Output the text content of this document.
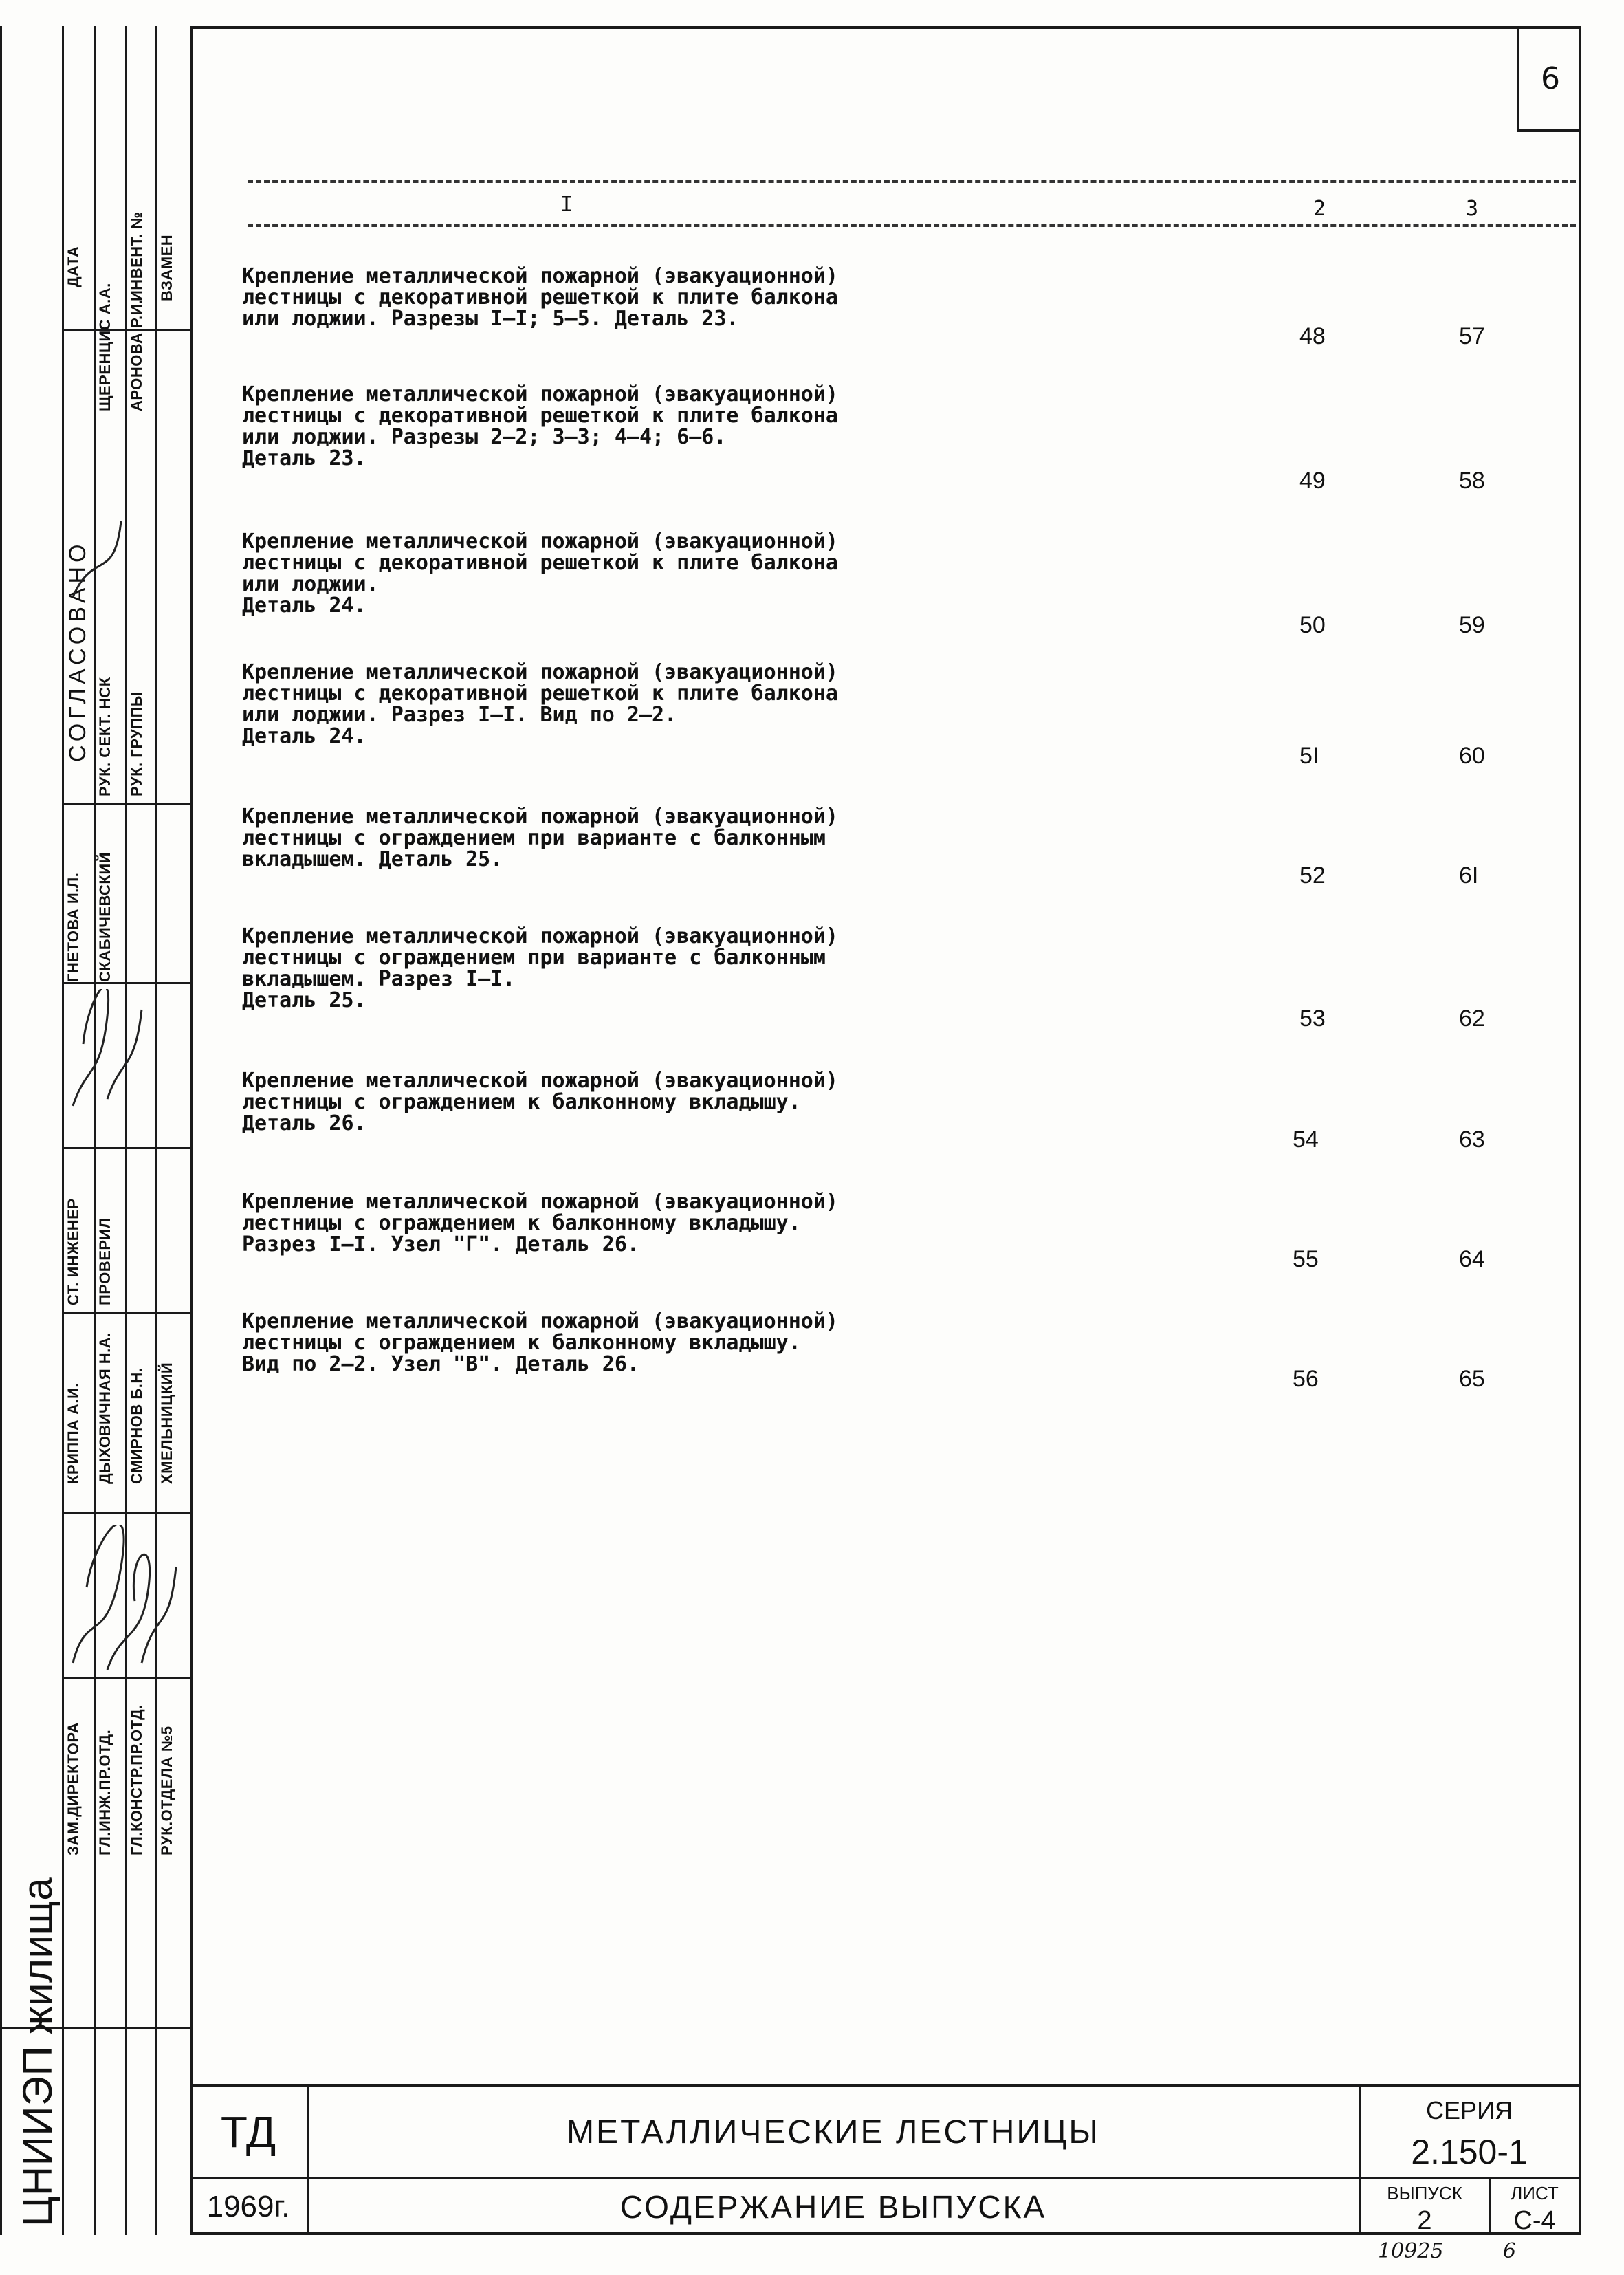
6
ЦНИИЭП жилища
ЗАМ.ДИРЕКТОРА ГЛ.ИНЖ.ПР.ОТД. ГЛ.КОНСТР.ПР.ОТД. РУК.ОТДЕЛА №5
КРИППА А.И. ДЫХОВИЧНАЯ Н.А. СМИРНОВ Б.Н. ХМЕЛЬНИЦКИЙ
СОГЛАСОВАНО
СТ. ИНЖЕНЕР ПРОВЕРИЛ
РУК. СЕКТ. НСК РУК. ГРУППЫ
ГНЕТОВА И.Л. СКАБИЧЕВСКИЙ
ЩЕРЕНЦИС А.А. АРОНОВА Р.И.
ДАТА	ИНВЕНТ. № ВЗАМЕН
I	2	3
Крепление металлической пожарной (эвакуационной)
лестницы с декоративной решеткой к плите балкона
или лоджии. Разрезы I–I; 5–5. Деталь 23.
48	57
Крепление металлической пожарной (эвакуационной)
лестницы с декоративной решеткой к плите балкона
или лоджии. Разрезы 2–2; 3–3; 4–4; 6–6.
Деталь 23.
49	58
Крепление металлической пожарной (эвакуационной)
лестницы с декоративной решеткой к плите балкона
или лоджии.
Деталь 24.
50	59
Крепление металлической пожарной (эвакуационной)
лестницы с декоративной решеткой к плите балкона
или лоджии. Разрез I–I. Вид по 2–2.
Деталь 24.
5I	60
Крепление металлической пожарной (эвакуационной)
лестницы с ограждением при варианте с балконным
вкладышем. Деталь 25.
52	6I
Крепление металлической пожарной (эвакуационной)
лестницы с ограждением при варианте с балконным
вкладышем. Разрез I–I.
Деталь 25.
53	62
Крепление металлической пожарной (эвакуационной)
лестницы с ограждением к балконному вкладышу.
Деталь 26.
54	63
Крепление металлической пожарной (эвакуационной)
лестницы с ограждением к балконному вкладышу.
Разрез I–I. Узел "Г". Деталь 26.
55	64
Крепление металлической пожарной (эвакуационной)
лестницы с ограждением к балконному вкладышу.
Вид по 2–2. Узел "В". Деталь 26.
56	65
ТД
1969г.
МЕТАЛЛИЧЕСКИЕ ЛЕСТНИЦЫ
СОДЕРЖАНИЕ ВЫПУСКА
СЕРИЯ
2.150-1
ВЫПУСК
2
ЛИСТ
С-4
10925	6
